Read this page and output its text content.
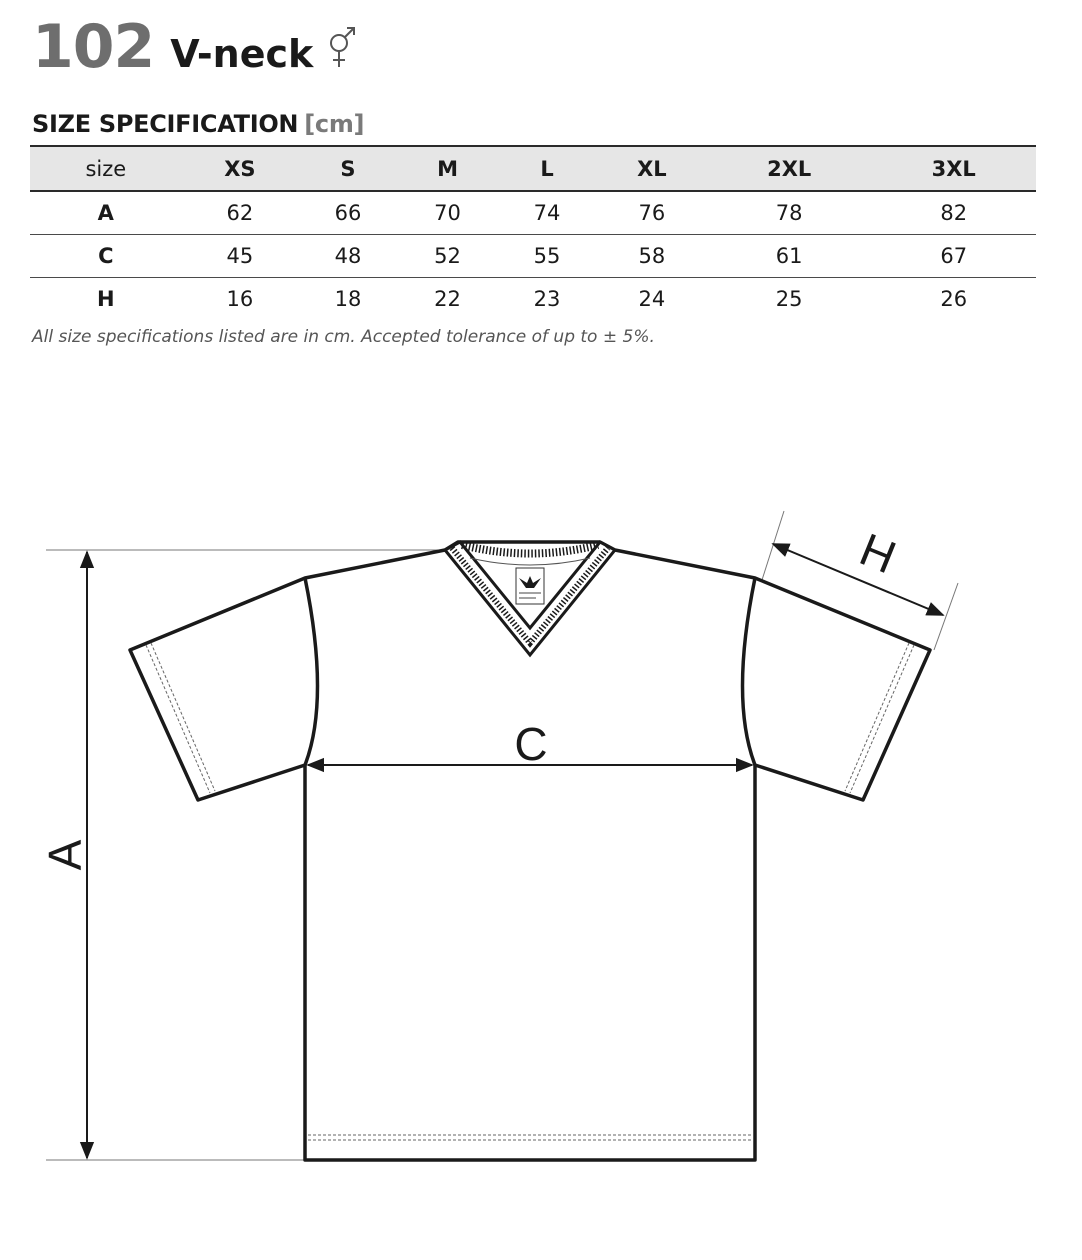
102 V-neck
SIZE SPECIFICATION [cm]
size	XS	S	M	L	XL	2XL	3XL
A	62	66	70	74	76	78	82
C	45	48	52	55	58	61	67
H	16	18	22	23	24	25	26
All size specifications listed are in cm. Accepted tolerance of up to ± 5%.
A
C
H
